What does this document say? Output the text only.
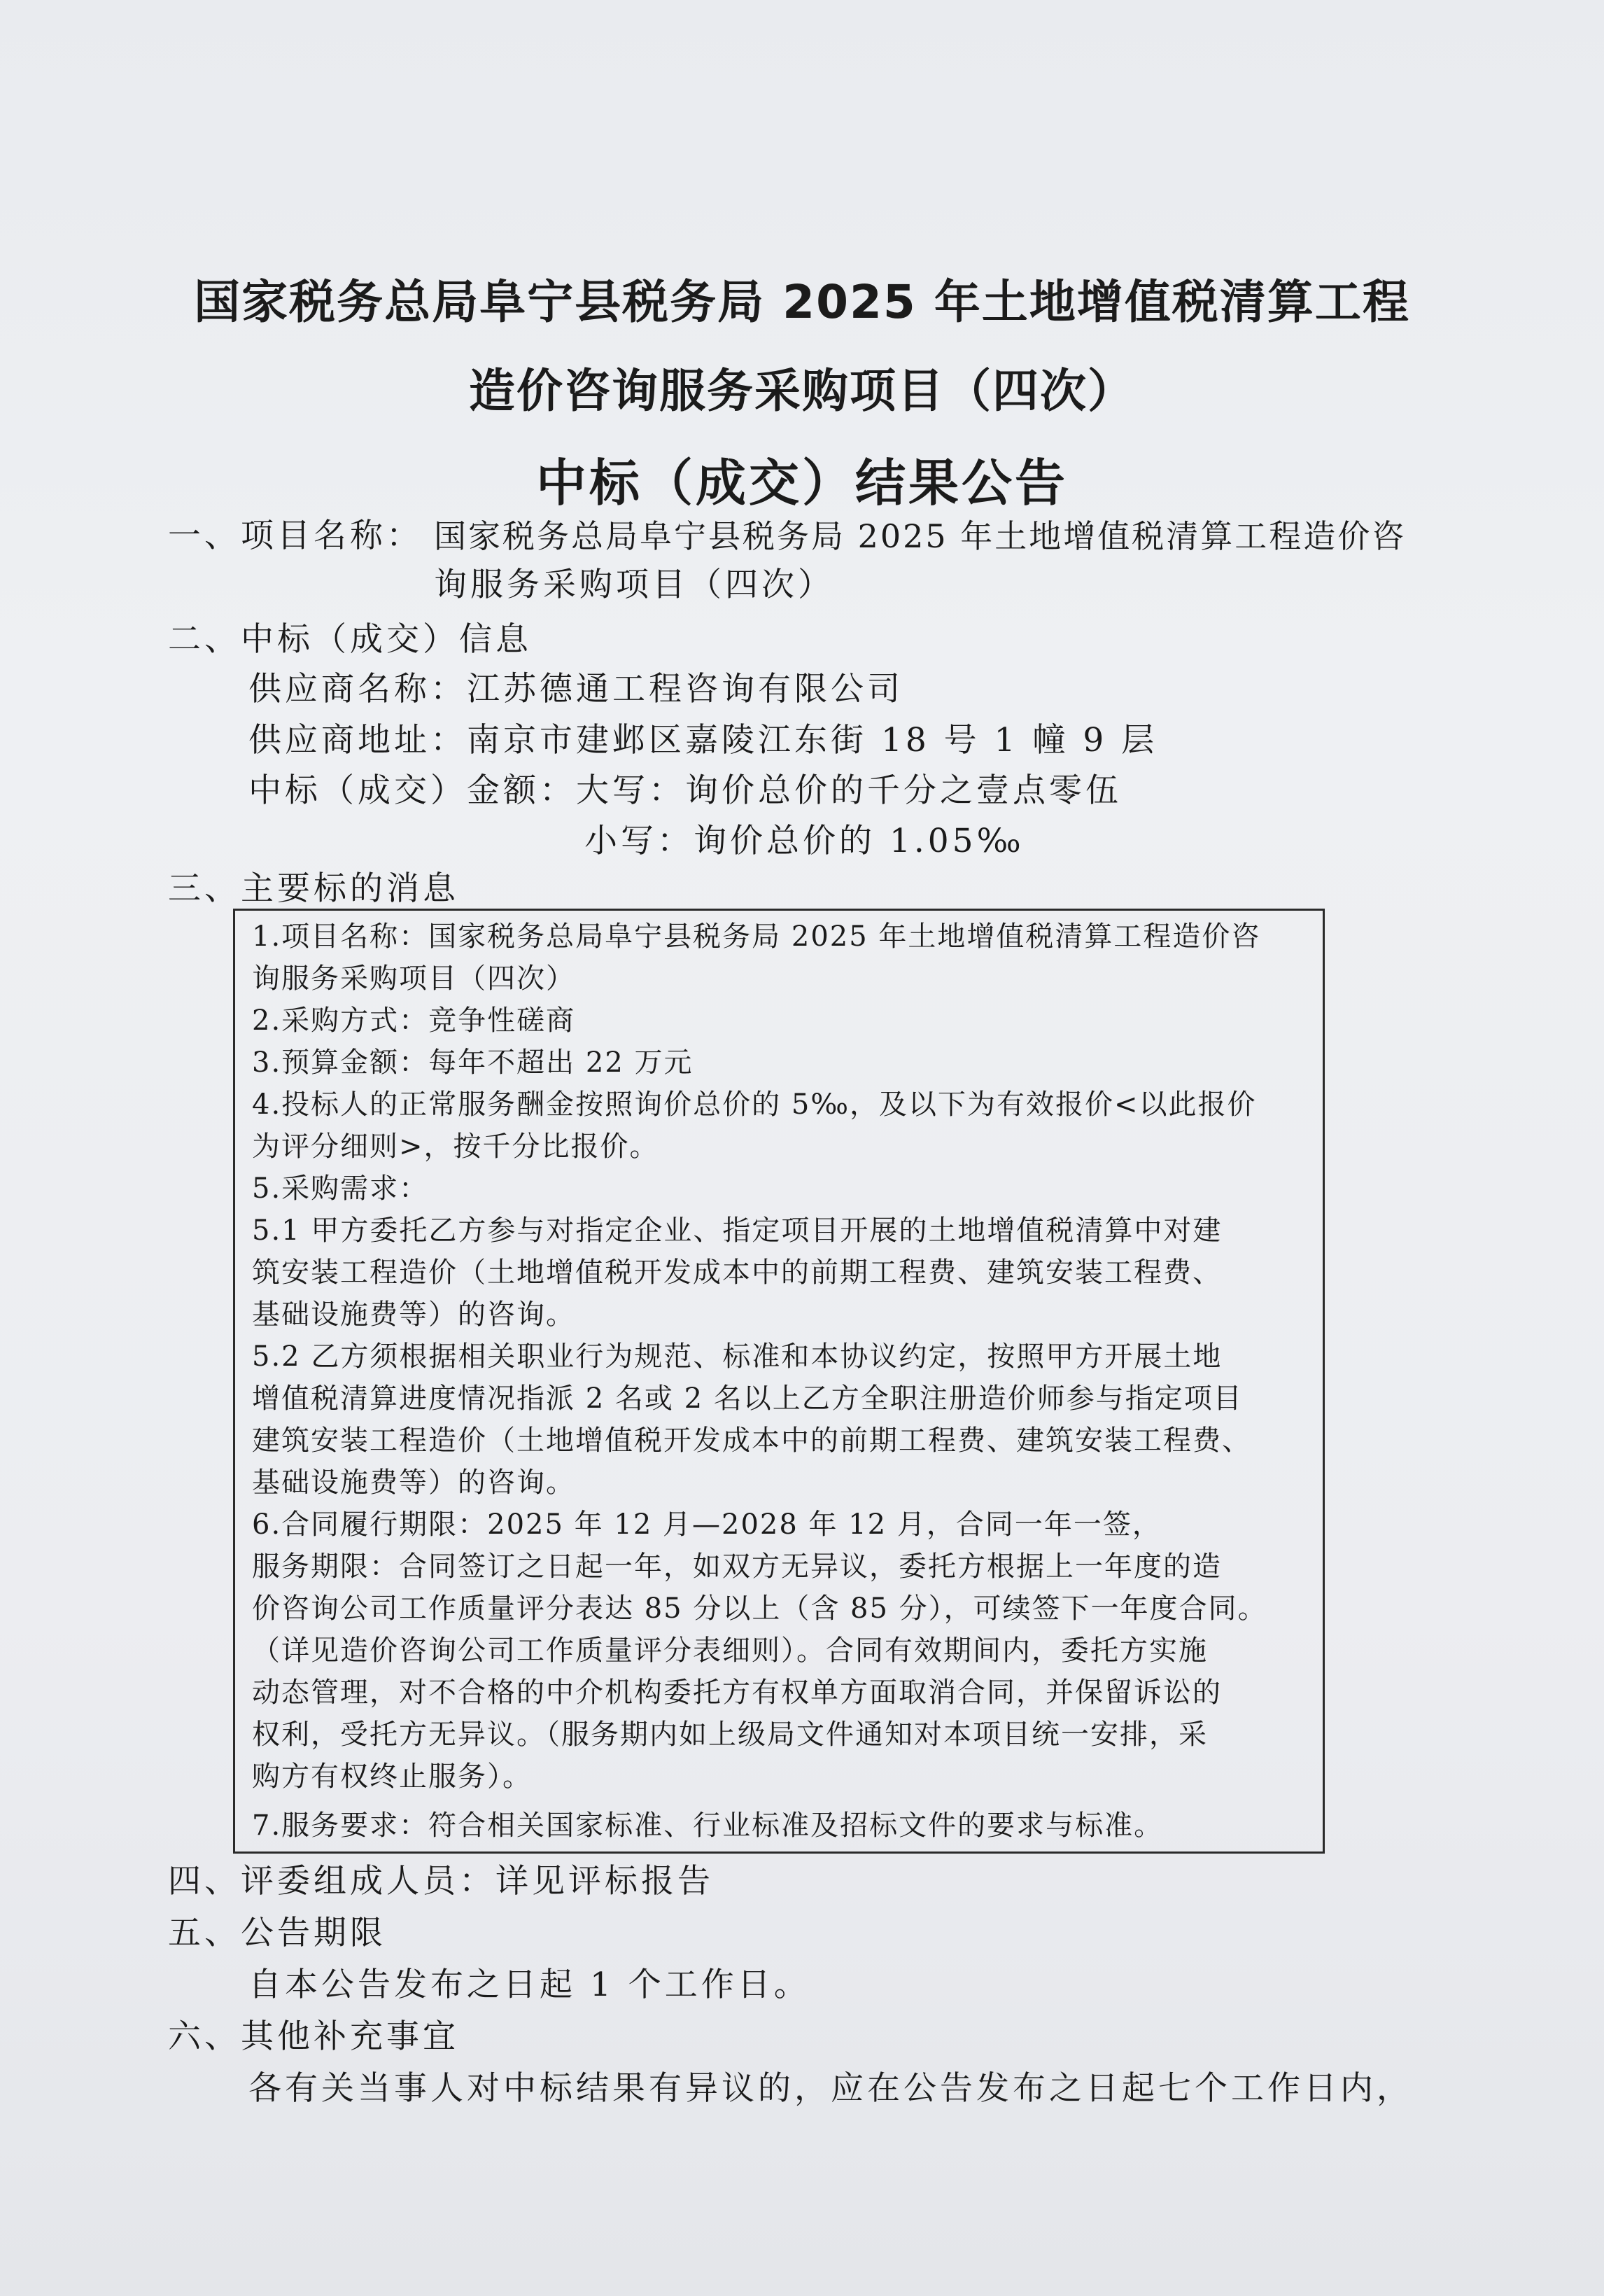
国家税务总局阜宁县税务局 2025 年土地增值税清算工程
造价咨询服务采购项目（四次）
中标（成交）结果公告
一、项目名称： 国家税务总局阜宁县税务局 2025 年土地增值税清算工程造价咨
询服务采购项目（四次）
二、中标（成交）信息
供应商名称：江苏德通工程咨询有限公司
供应商地址：南京市建邺区嘉陵江东街 18 号 1 幢 9 层
中标（成交）金额：大写：询价总价的千分之壹点零伍
小写：询价总价的 1.05‰
三、主要标的消息
1.项目名称：国家税务总局阜宁县税务局 2025 年土地增值税清算工程造价咨
询服务采购项目（四次）
2.采购方式：竞争性磋商
3.预算金额：每年不超出 22 万元
4.投标人的正常服务酬金按照询价总价的 5‰，及以下为有效报价<以此报价
为评分细则>，按千分比报价。
5.采购需求：
5.1 甲方委托乙方参与对指定企业、指定项目开展的土地增值税清算中对建
筑安装工程造价（土地增值税开发成本中的前期工程费、建筑安装工程费、
基础设施费等）的咨询。
5.2 乙方须根据相关职业行为规范、标准和本协议约定，按照甲方开展土地
增值税清算进度情况指派 2 名或 2 名以上乙方全职注册造价师参与指定项目
建筑安装工程造价（土地增值税开发成本中的前期工程费、建筑安装工程费、
基础设施费等）的咨询。
6.合同履行期限：2025 年 12 月—2028 年 12 月，合同一年一签，
服务期限：合同签订之日起一年，如双方无异议，委托方根据上一年度的造
价咨询公司工作质量评分表达 85 分以上（含 85 分），可续签下一年度合同。
（详见造价咨询公司工作质量评分表细则）。合同有效期间内，委托方实施
动态管理，对不合格的中介机构委托方有权单方面取消合同，并保留诉讼的
权利，受托方无异议。（服务期内如上级局文件通知对本项目统一安排，采
购方有权终止服务）。
7.服务要求：符合相关国家标准、行业标准及招标文件的要求与标准。
四、评委组成人员：详见评标报告
五、公告期限
自本公告发布之日起 1 个工作日。
六、其他补充事宜
各有关当事人对中标结果有异议的，应在公告发布之日起七个工作日内，
